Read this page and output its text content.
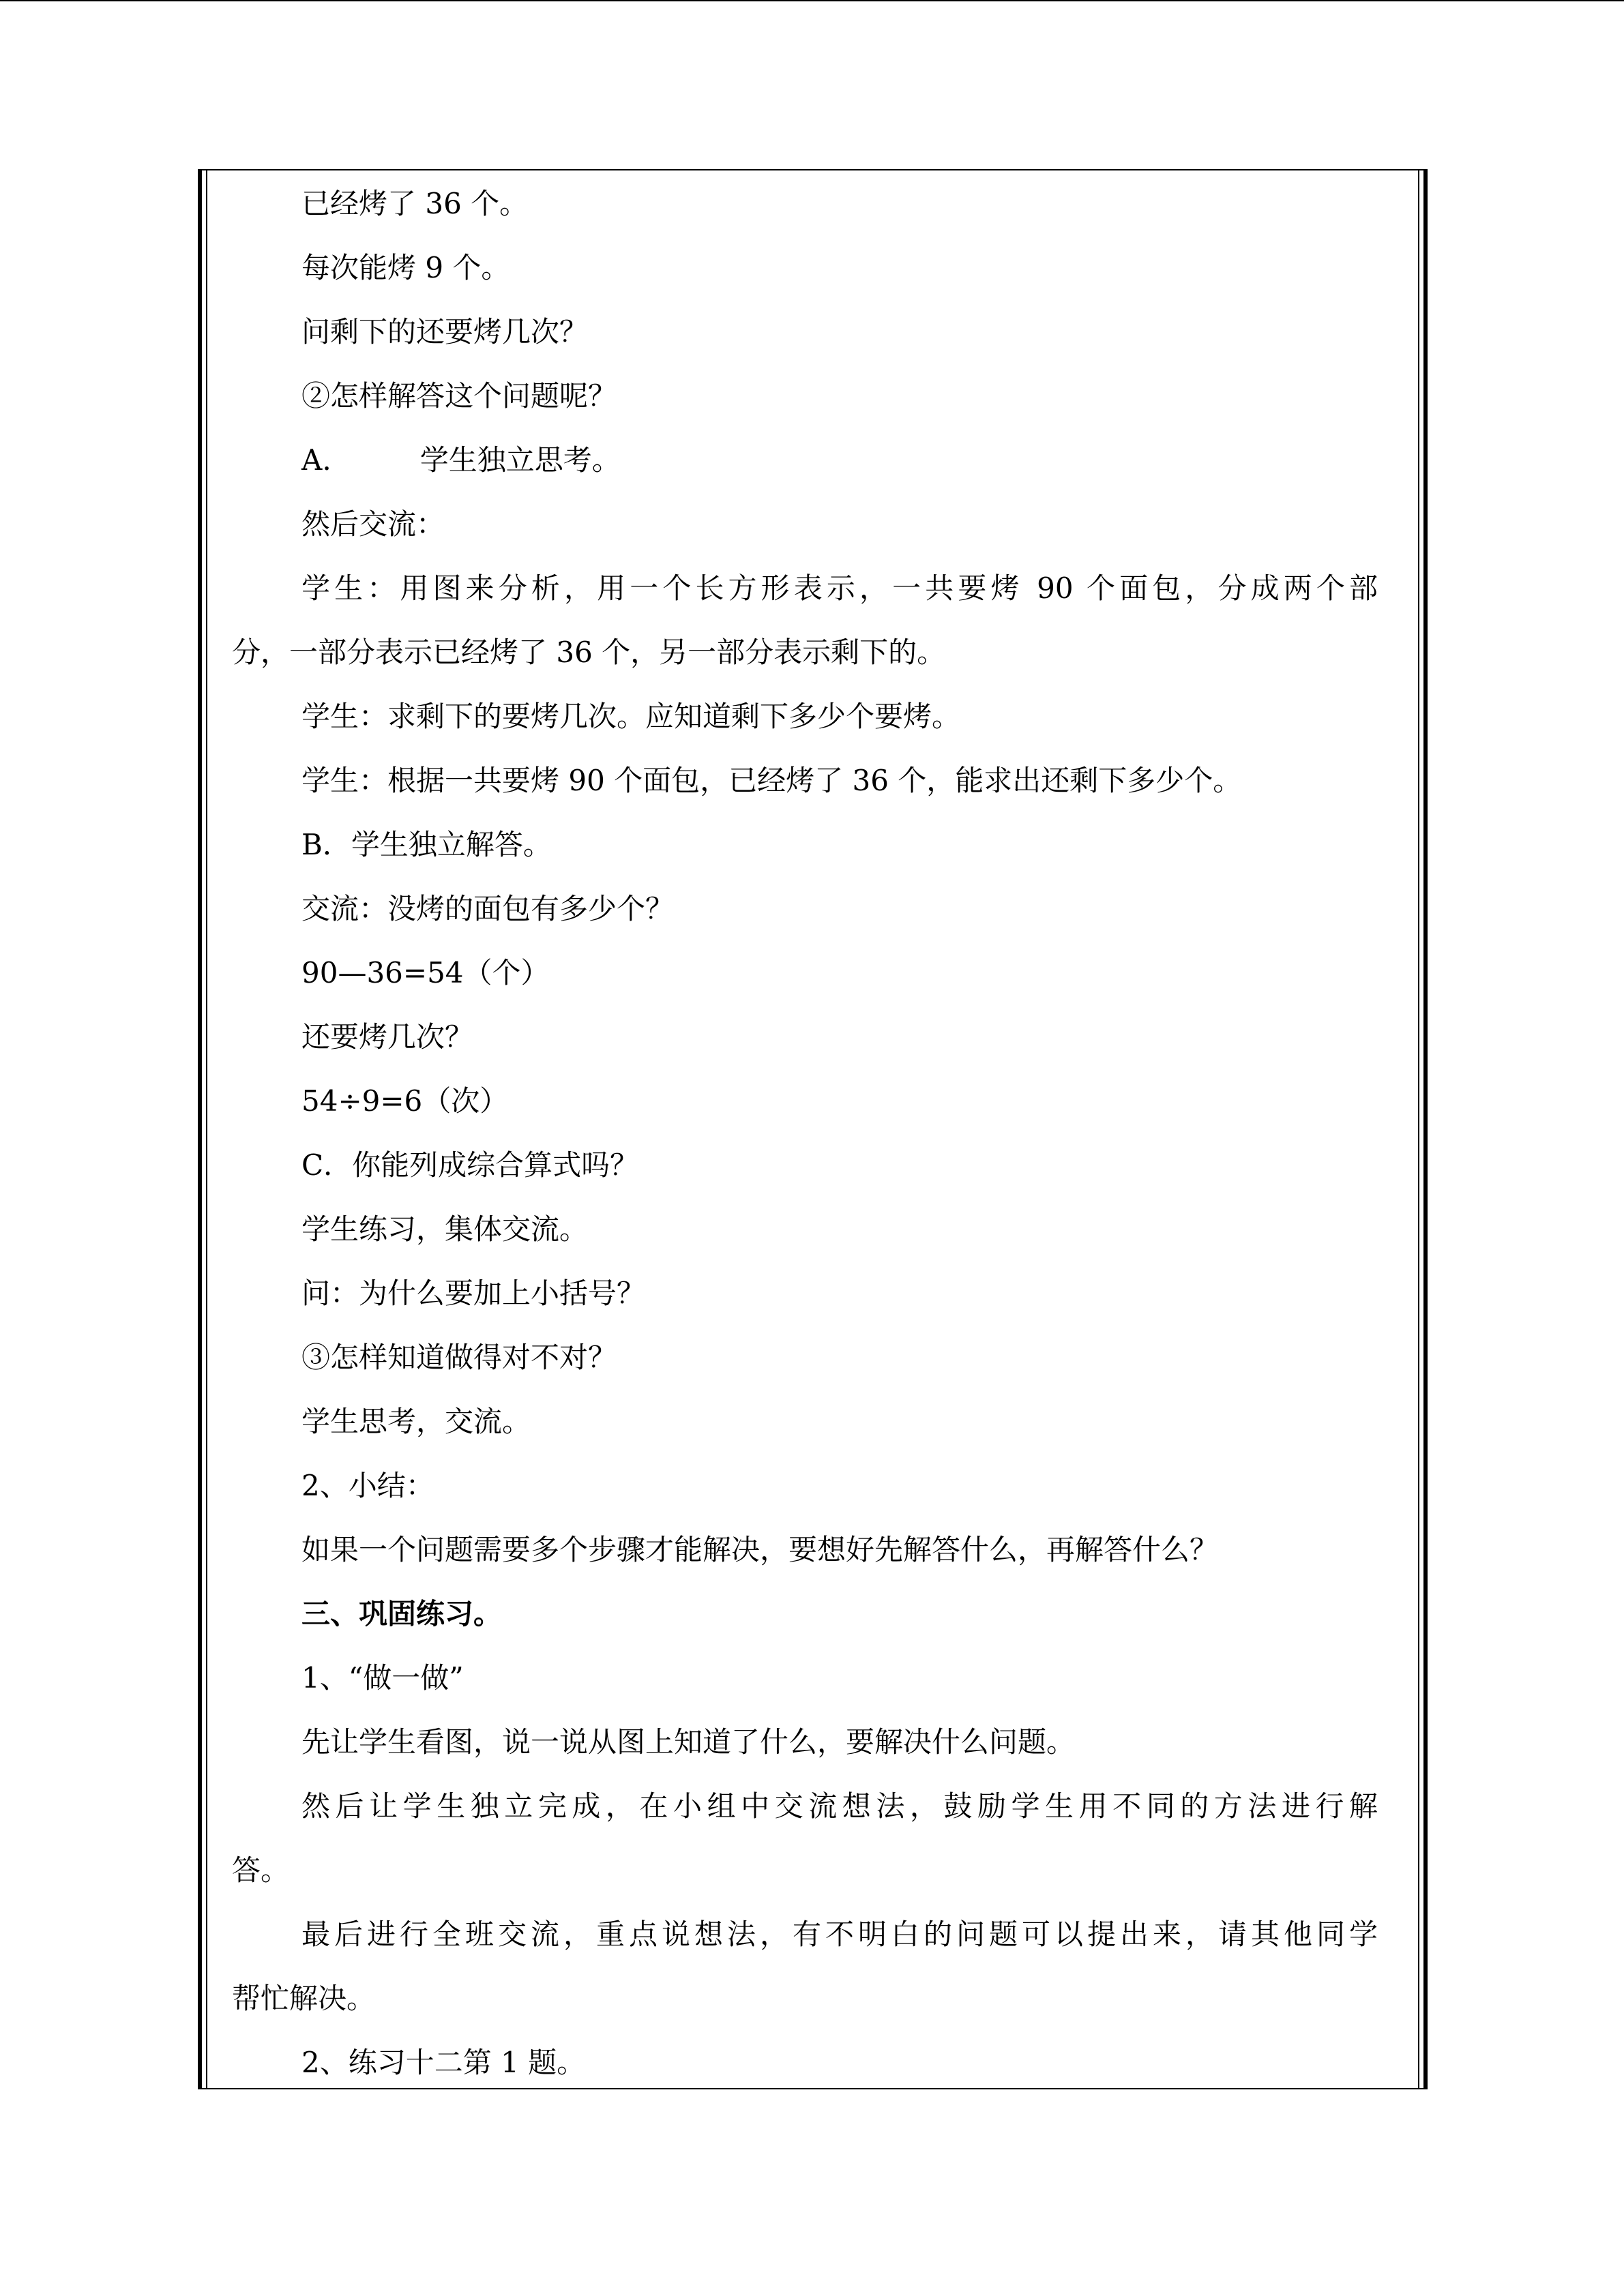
已经烤了 36 个。
每次能烤 9 个。
问剩下的还要烤几次？
②怎样解答这个问题呢？
A.	学生独立思考。
然后交流：
学生：用图来分析，用一个长方形表示，一共要烤 90 个面包，分成两个部
分，一部分表示已经烤了 36 个，另一部分表示剩下的。
学生：求剩下的要烤几次。应知道剩下多少个要烤。
学生：根据一共要烤 90 个面包，已经烤了 36 个，能求出还剩下多少个。
B．学生独立解答。
交流：没烤的面包有多少个？
90—36=54（个）
还要烤几次？
54÷9=6（次）
C．你能列成综合算式吗？
学生练习，集体交流。
问：为什么要加上小括号？
③怎样知道做得对不对？
学生思考，交流。
2、小结：
如果一个问题需要多个步骤才能解决，要想好先解答什么，再解答什么？
三、巩固练习。
1、“做一做”
先让学生看图，说一说从图上知道了什么，要解决什么问题。
然后让学生独立完成，在小组中交流想法，鼓励学生用不同的方法进行解
答。
最后进行全班交流，重点说想法，有不明白的问题可以提出来，请其他同学
帮忙解决。
2、练习十二第 1 题。
